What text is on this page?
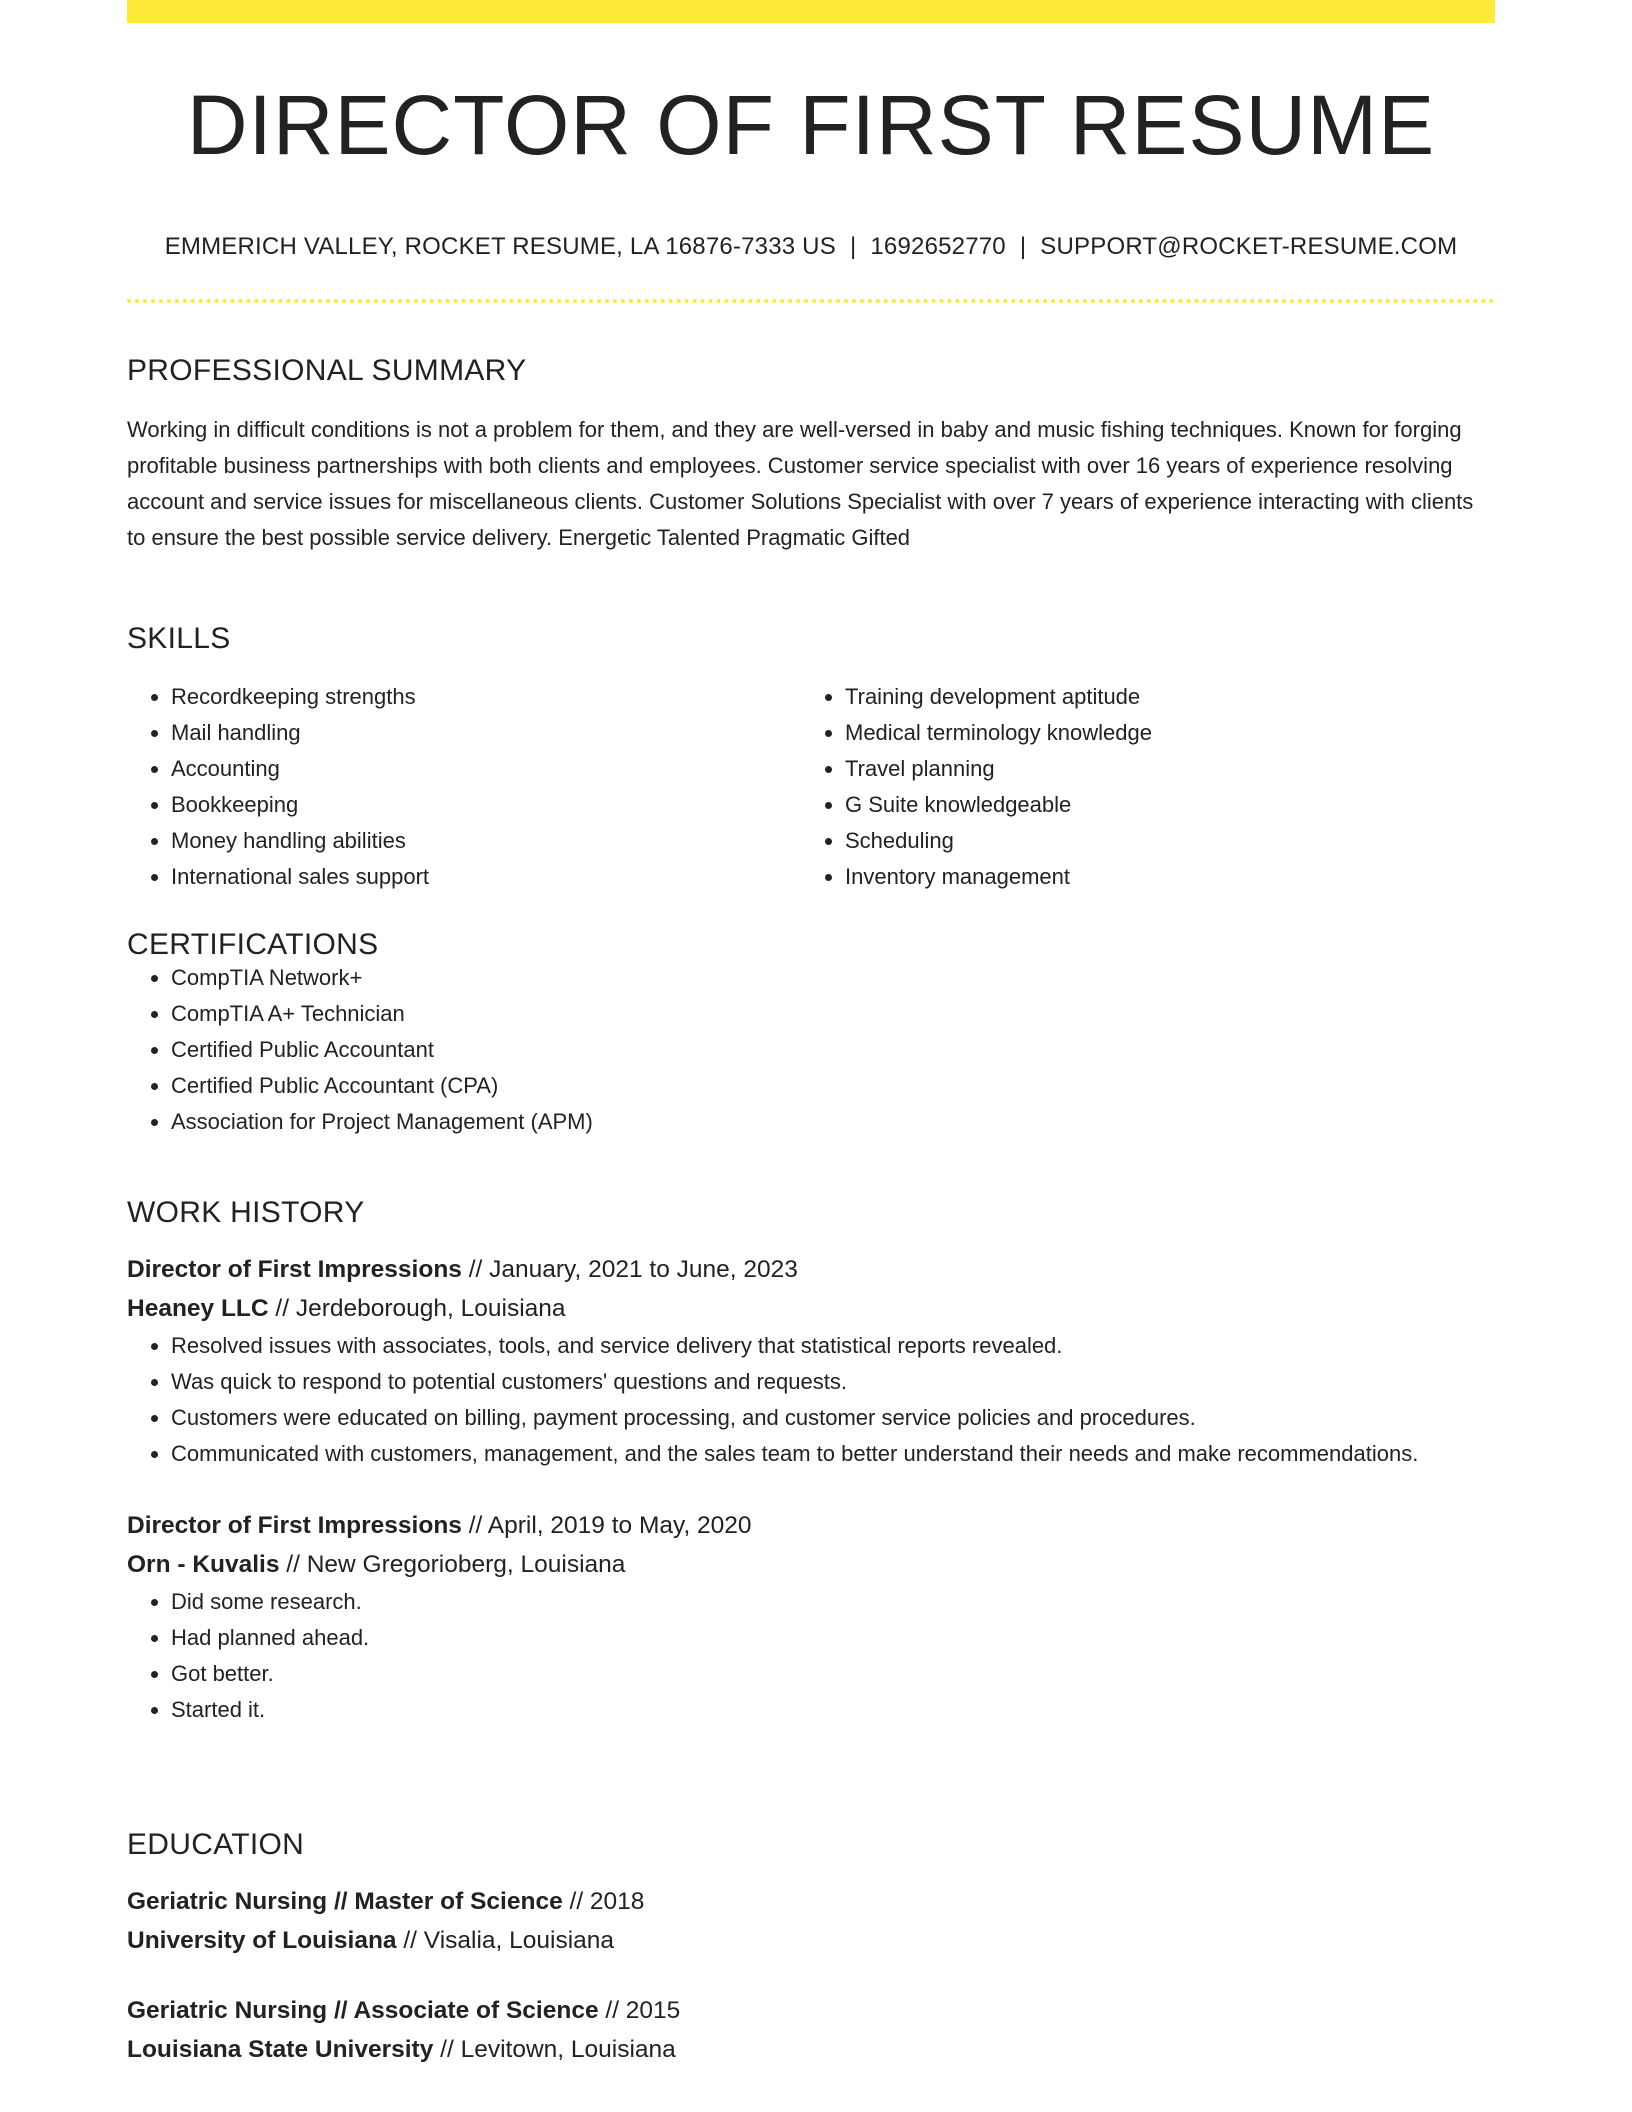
DIRECTOR OF FIRST RESUME
EMMERICH VALLEY, ROCKET RESUME, LA 16876-7333 US | 1692652770 | SUPPORT@ROCKET-RESUME.COM
PROFESSIONAL SUMMARY

Working in difficult conditions is not a problem for them, and they are well-versed in baby and music fishing techniques. Known for forging profitable business partnerships with both clients and employees. Customer service specialist with over 16 years of experience resolving account and service issues for miscellaneous clients. Customer Solutions Specialist with over 7 years of experience interacting with clients to ensure the best possible service delivery. Energetic Talented Pragmatic Gifted

SKILLS
• Recordkeeping strengths
• Mail handling
• Accounting
• Bookkeeping
• Money handling abilities
• International sales support
• Training development aptitude
• Medical terminology knowledge
• Travel planning
• G Suite knowledgeable
• Scheduling
• Inventory management
CERTIFICATIONS
• CompTIA Network+
• CompTIA A+ Technician
• Certified Public Accountant
• Certified Public Accountant (CPA)
• Association for Project Management (APM)
WORK HISTORY
Director of First Impressions // January, 2021 to June, 2023
Heaney LLC // Jerdeborough, Louisiana
• Resolved issues with associates, tools, and service delivery that statistical reports revealed.
• Was quick to respond to potential customers' questions and requests.
• Customers were educated on billing, payment processing, and customer service policies and procedures.
• Communicated with customers, management, and the sales team to better understand their needs and make recommendations.
Director of First Impressions // April, 2019 to May, 2020
Orn - Kuvalis // New Gregorioberg, Louisiana
• Did some research.
• Had planned ahead.
• Got better.
• Started it.
EDUCATION
Geriatric Nursing // Master of Science // 2018
University of Louisiana // Visalia, Louisiana
Geriatric Nursing // Associate of Science // 2015
Louisiana State University // Levitown, Louisiana
